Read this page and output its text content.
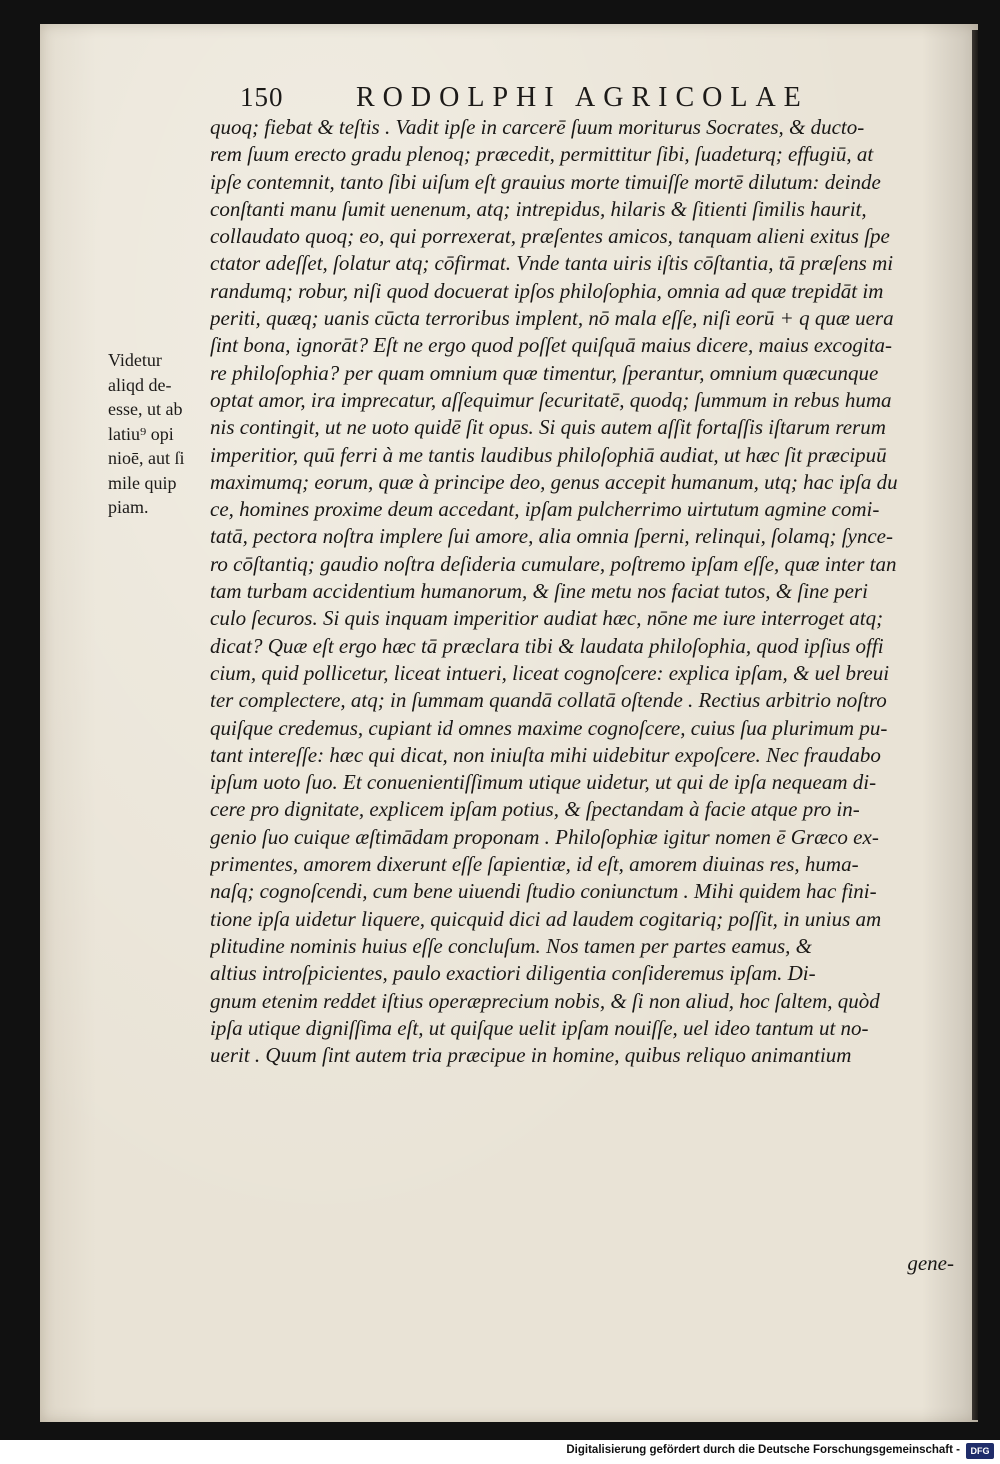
150	RODOLPHI AGRICOLAE
Videtur
aliqd de-
esse, ut ab
latiu⁹ opi
nioē, aut ſi
mile quip
piam.
quoq; fiebat & teſtis . Vadit ipſe in carcerē ſuum moriturus Socrates, & ducto-
rem ſuum erecto gradu plenoq; præcedit, permittitur ſibi, ſuadeturq; effugiū, at
ipſe contemnit, tanto ſibi uiſum eſt grauius morte timuiſſe mortē dilutum: deinde
conſtanti manu ſumit uenenum, atq; intrepidus, hilaris & ſitienti ſimilis haurit,
collaudato quoq; eo, qui porrexerat, præſentes amicos, tanquam alieni exitus ſpe
ctator adeſſet, ſolatur atq; cōfirmat. Vnde tanta uiris iſtis cōſtantia, tā præſens mi
randumq; robur, niſi quod docuerat ipſos philoſophia, omnia ad quæ trepidāt im
periti, quæq; uanis cūcta terroribus implent, nō mala eſſe, niſi eorū + q quæ uera
ſint bona, ignorāt? Eſt ne ergo quod poſſet quiſquā maius dicere, maius excogita-
re philoſophia? per quam omnium quæ timentur, ſperantur, omnium quæcunque
optat amor, ira imprecatur, aſſequimur ſecuritatē, quodq; ſummum in rebus huma
nis contingit, ut ne uoto quidē ſit opus. Si quis autem aſſit fortaſſis iſtarum rerum
imperitior, quū ferri à me tantis laudibus philoſophiā audiat, ut hæc ſit præcipuū
maximumq; eorum, quæ à principe deo, genus accepit humanum, utq; hac ipſa du
ce, homines proxime deum accedant, ipſam pulcherrimo uirtutum agmine comi-
tatā, pectora noſtra implere ſui amore, alia omnia ſperni, relinqui, ſolamq; ſynce-
ro cōſtantiq; gaudio noſtra deſideria cumulare, poſtremo ipſam eſſe, quæ inter tan
tam turbam accidentium humanorum, & ſine metu nos faciat tutos, & ſine peri
culo ſecuros. Si quis inquam imperitior audiat hæc, nōne me iure interroget atq;
dicat? Quæ eſt ergo hæc tā præclara tibi & laudata philoſophia, quod ipſius offi
cium, quid pollicetur, liceat intueri, liceat cognoſcere: explica ipſam, & uel breui
ter complectere, atq; in ſummam quandā collatā oſtende . Rectius arbitrio noſtro
quiſque credemus, cupiant id omnes maxime cognoſcere, cuius ſua plurimum pu-
tant intereſſe: hæc qui dicat, non iniuſta mihi uidebitur expoſcere. Nec fraudabo
ipſum uoto ſuo. Et conuenientiſſimum utique uidetur, ut qui de ipſa nequeam di-
cere pro dignitate, explicem ipſam potius, & ſpectandam à facie atque pro in-
genio ſuo cuique æſtimādam proponam . Philoſophiæ igitur nomen ē Græco ex-
primentes, amorem dixerunt eſſe ſapientiæ, id eſt, amorem diuinas res, huma-
naſq; cognoſcendi, cum bene uiuendi ſtudio coniunctum . Mihi quidem hac fini-
tione ipſa uidetur liquere, quicquid dici ad laudem cogitariq; poſſit, in unius am
plitudine nominis huius eſſe concluſum. Nos tamen per partes eamus, &
altius introſpicientes, paulo exactiori diligentia conſideremus ipſam. Di-
gnum etenim reddet iſtius operæprecium nobis, & ſi non aliud, hoc ſaltem, quòd
ipſa utique digniſſima eſt, ut quiſque uelit ipſam nouiſſe, uel ideo tantum ut no-
uerit . Quum ſint autem tria præcipue in homine, quibus reliquo animantium
gene-
Digitalisierung gefördert durch die Deutsche Forschungsgemeinschaft -	DFG
